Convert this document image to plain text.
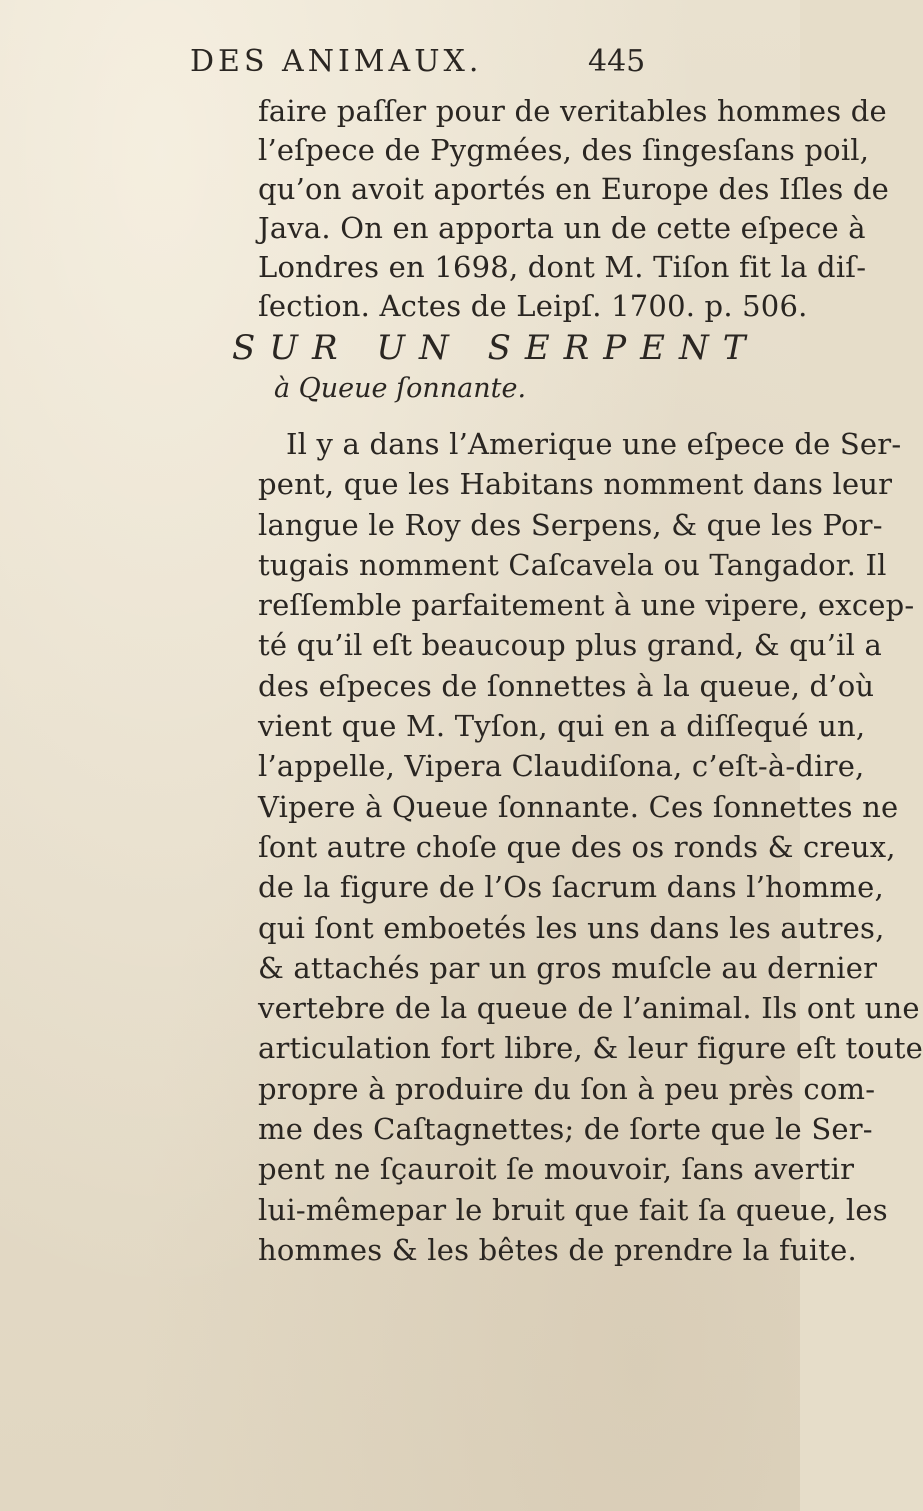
DES ANIMAUX.	445
faire paſſer pour de veritables hommes de
l’eſpece de Pygmées, des ſingesſans poil,
qu’on avoit aportés en Europe des Iſles de
Java. On en apporta un de cette eſpece à
Londres en 1698, dont M. Tiſon fit la diſ-
ſection. Actes de Leipſ. 1700. p. 506.
SUR UN SERPENT
à Queue ſonnante.
Il y a dans l’Amerique une eſpece de Ser-
pent, que les Habitans nomment dans leur
langue le Roy des Serpens, & que les Por-
tugais nomment Caſcavela ou Tangador. Il
reſſemble parfaitement à une vipere, excep-
té qu’il eſt beaucoup plus grand, & qu’il a
des eſpeces de ſonnettes à la queue, d’où
vient que M. Tyſon, qui en a diſſequé un,
l’appelle, Vipera Claudiſona, c’eſt-à-dire,
Vipere à Queue ſonnante. Ces ſonnettes ne
ſont autre choſe que des os ronds & creux,
de la figure de l’Os ſacrum dans l’homme,
qui ſont emboetés les uns dans les autres,
& attachés par un gros muſcle au dernier
vertebre de la queue de l’animal. Ils ont une
articulation fort libre, & leur figure eſt toute
propre à produire du ſon à peu près com-
me des Caſtagnettes; de ſorte que le Ser-
pent ne ſçauroit ſe mouvoir, ſans avertir
lui-mêmepar le bruit que fait ſa queue, les
hommes & les bêtes de prendre la fuite.
